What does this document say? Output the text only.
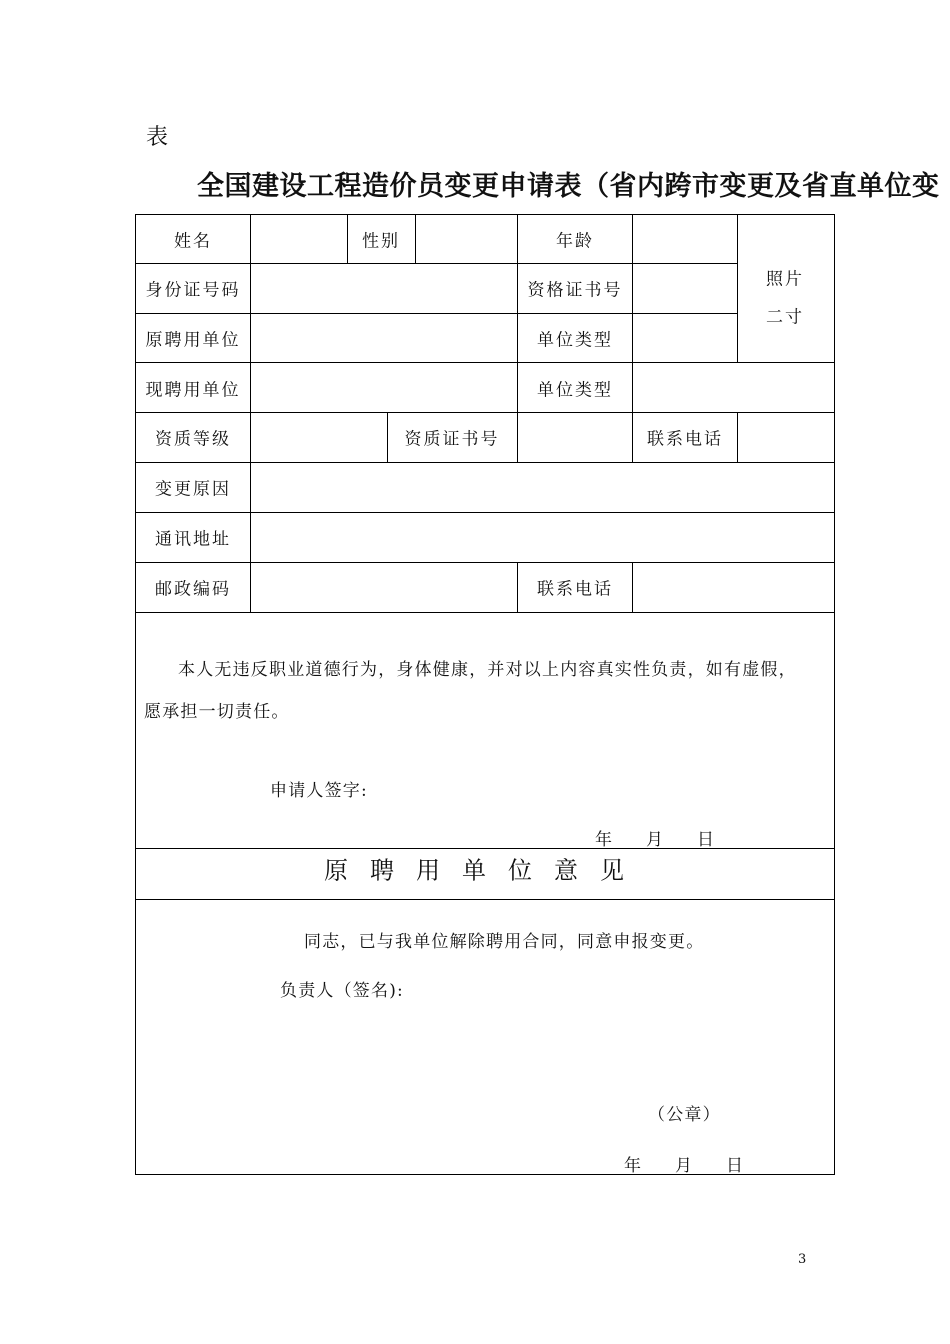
表
全国建设工程造价员变更申请表（省内跨市变更及省直单位变
姓名	性别	年龄
照片
二寸
身份证号码	资格证书号
原聘用单位	单位类型
现聘用单位	单位类型
资质等级	资质证书号	联系电话
变更原因
通讯地址
邮政编码	联系电话
本人无违反职业道德行为，身体健康，并对以上内容真实性负责，如有虚假，
愿承担一切责任。
申请人签字:
年　　月　　日
原聘用单位意见
同志，已与我单位解除聘用合同，同意申报变更。
负责人（签名):
（公章）
年　　月　　日
3
